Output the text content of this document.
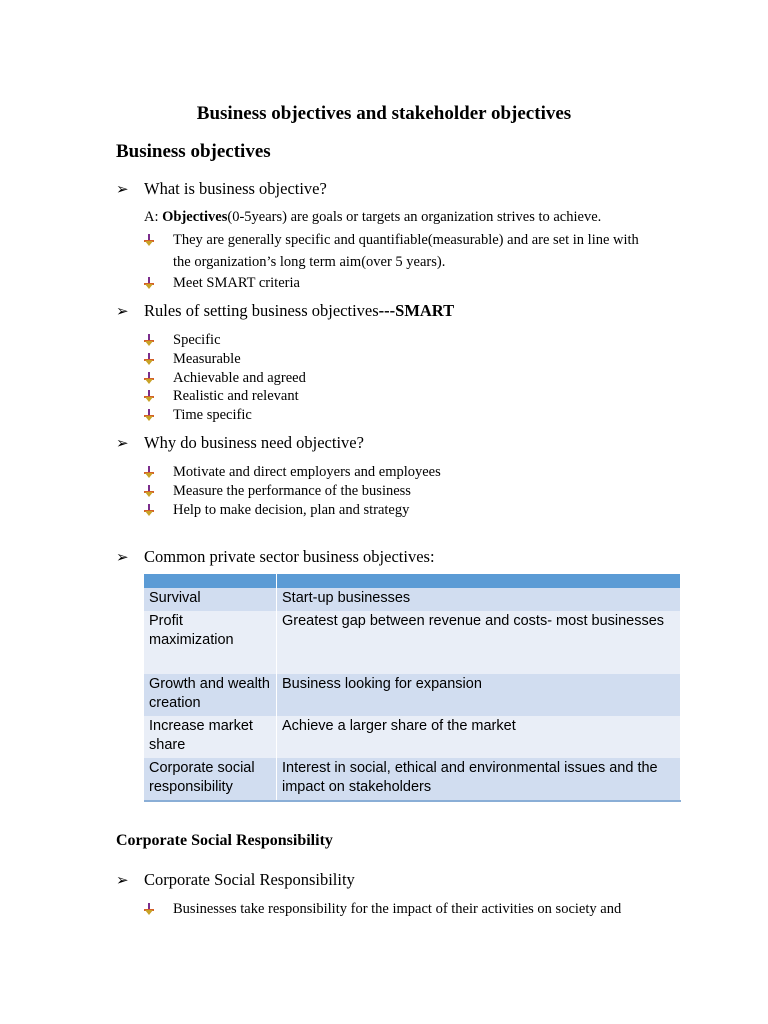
Business objectives and stakeholder objectives
Business objectives
➢ What is business objective?
A: Objectives(0-5years) are goals or targets an organization strives to achieve.
They are generally specific and quantifiable(measurable) and are set in line with the organization’s long term aim(over 5 years).
Meet SMART criteria
➢ Rules of setting business objectives---SMART
Specific
Measurable
Achievable and agreed
Realistic and relevant
Time specific
➢ Why do business need objective?
Motivate and direct employers and employees
Measure the performance of the business
Help to make decision, plan and strategy
➢ Common private sector business objectives:

Survival	Start-up businesses
Profit maximization	Greatest gap between revenue and costs- most businesses
Growth and wealth creation	Business looking for expansion
Increase market share	Achieve a larger share of the market
Corporate social responsibility	Interest in social, ethical and environmental issues and the impact on stakeholders
Corporate Social Responsibility
➢ Corporate Social Responsibility
Businesses take responsibility for the impact of their activities on society and
